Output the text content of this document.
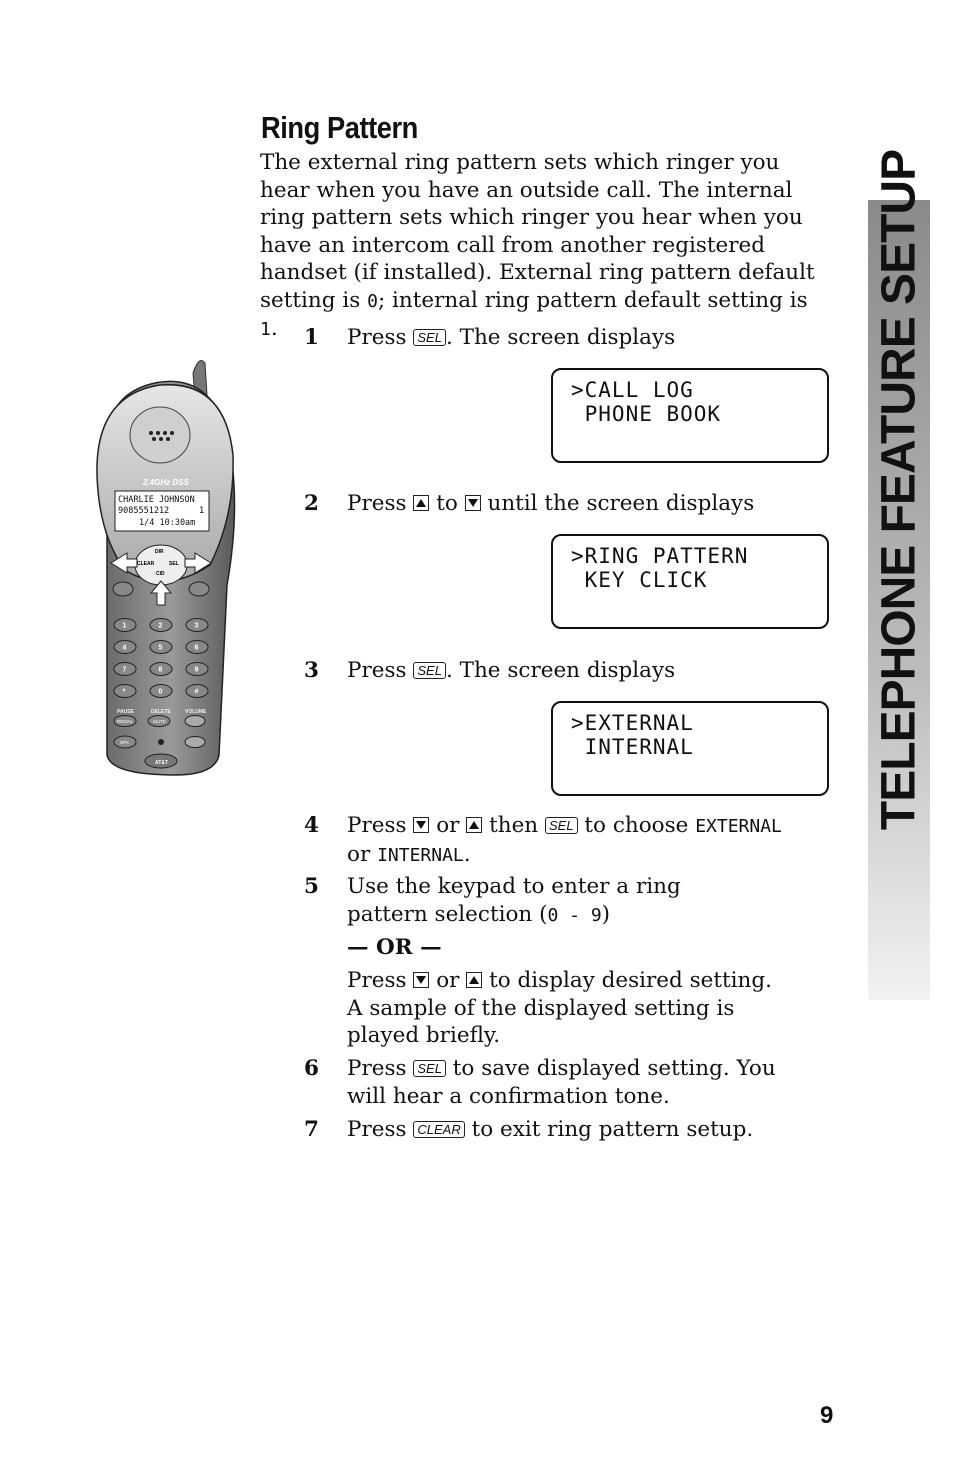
Ring Pattern
The external ring pattern sets which ringer you hear when you have an outside call. The internal ring pattern sets which ringer you hear when you have an intercom call from another registered handset (if installed). External ring pattern default setting is 0; internal ring pattern default setting is 1.	1 Press SEL . The screen displays
>CALL LOG
PHONE BOOK
2 Press  to  until the screen displays
>RING PATTERN
KEY CLICK
3 Press SEL . The screen displays
>EXTERNAL
INTERNAL
4 Press  or  then SEL to choose EXTERNAL
or INTERNAL.
5 Use the keypad to enter a ring pattern selection (0 - 9)
— OR —
Press  or  to display desired setting.
A sample of the displayed setting is played briefly.
6 Press SEL to save displayed setting. You will hear a confirmation tone.
7 Press CLEAR to exit ring pattern setup.
TELEPHONE FEATURE SETUP
9
2.4GHz DSS
CHARLIE JOHNSON
9085551212	1
1/4 10:30am
DIR
CLEAR	SEL
CID
1	2	3
4	5	6
7	8	9
*	0	#
PAUSE	DELETE	VOLUME
REDIAL	MUTE
SPK
AT&T
